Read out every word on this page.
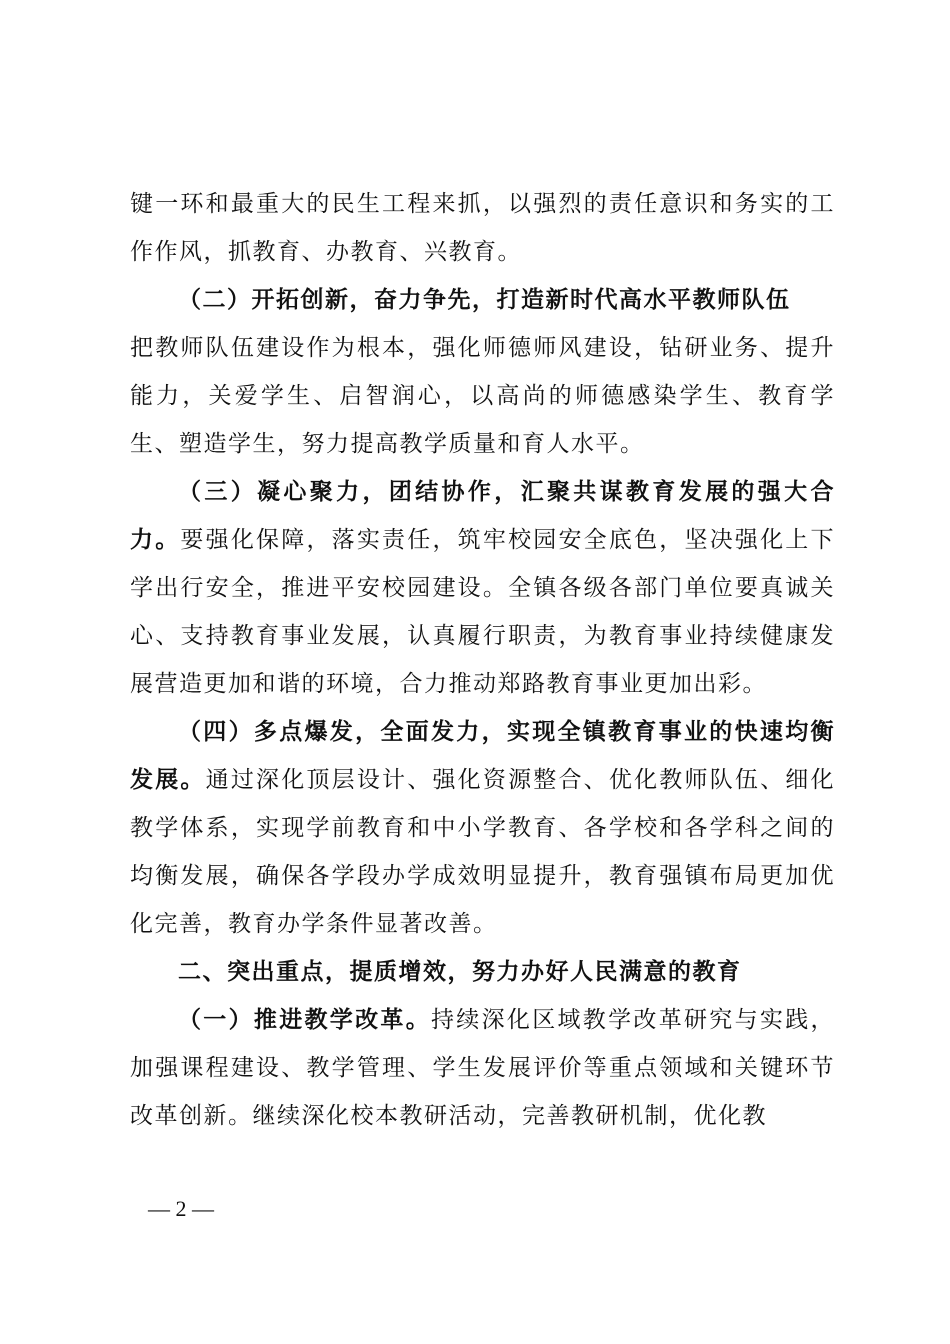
键一环和最重大的民生工程来抓，以强烈的责任意识和务实的工作作风，抓教育、办教育、兴教育。

（二）开拓创新，奋力争先，打造新时代高水平教师队伍
把教师队伍建设作为根本，强化师德师风建设，钻研业务、提升能力，关爱学生、启智润心，以高尚的师德感染学生、教育学生、塑造学生，努力提高教学质量和育人水平。

（三）凝心聚力，团结协作，汇聚共谋教育发展的强大合力。要强化保障，落实责任，筑牢校园安全底色，坚决强化上下学出行安全，推进平安校园建设。全镇各级各部门单位要真诚关心、支持教育事业发展，认真履行职责，为教育事业持续健康发展营造更加和谐的环境，合力推动郑路教育事业更加出彩。

（四）多点爆发，全面发力，实现全镇教育事业的快速均衡发展。通过深化顶层设计、强化资源整合、优化教师队伍、细化教学体系，实现学前教育和中小学教育、各学校和各学科之间的均衡发展，确保各学段办学成效明显提升，教育强镇布局更加优化完善，教育办学条件显著改善。

二、突出重点，提质增效，努力办好人民满意的教育

（一）推进教学改革。持续深化区域教学改革研究与实践，加强课程建设、教学管理、学生发展评价等重点领域和关键环节改革创新。继续深化校本教研活动，完善教研机制，优化教

— 2 —
